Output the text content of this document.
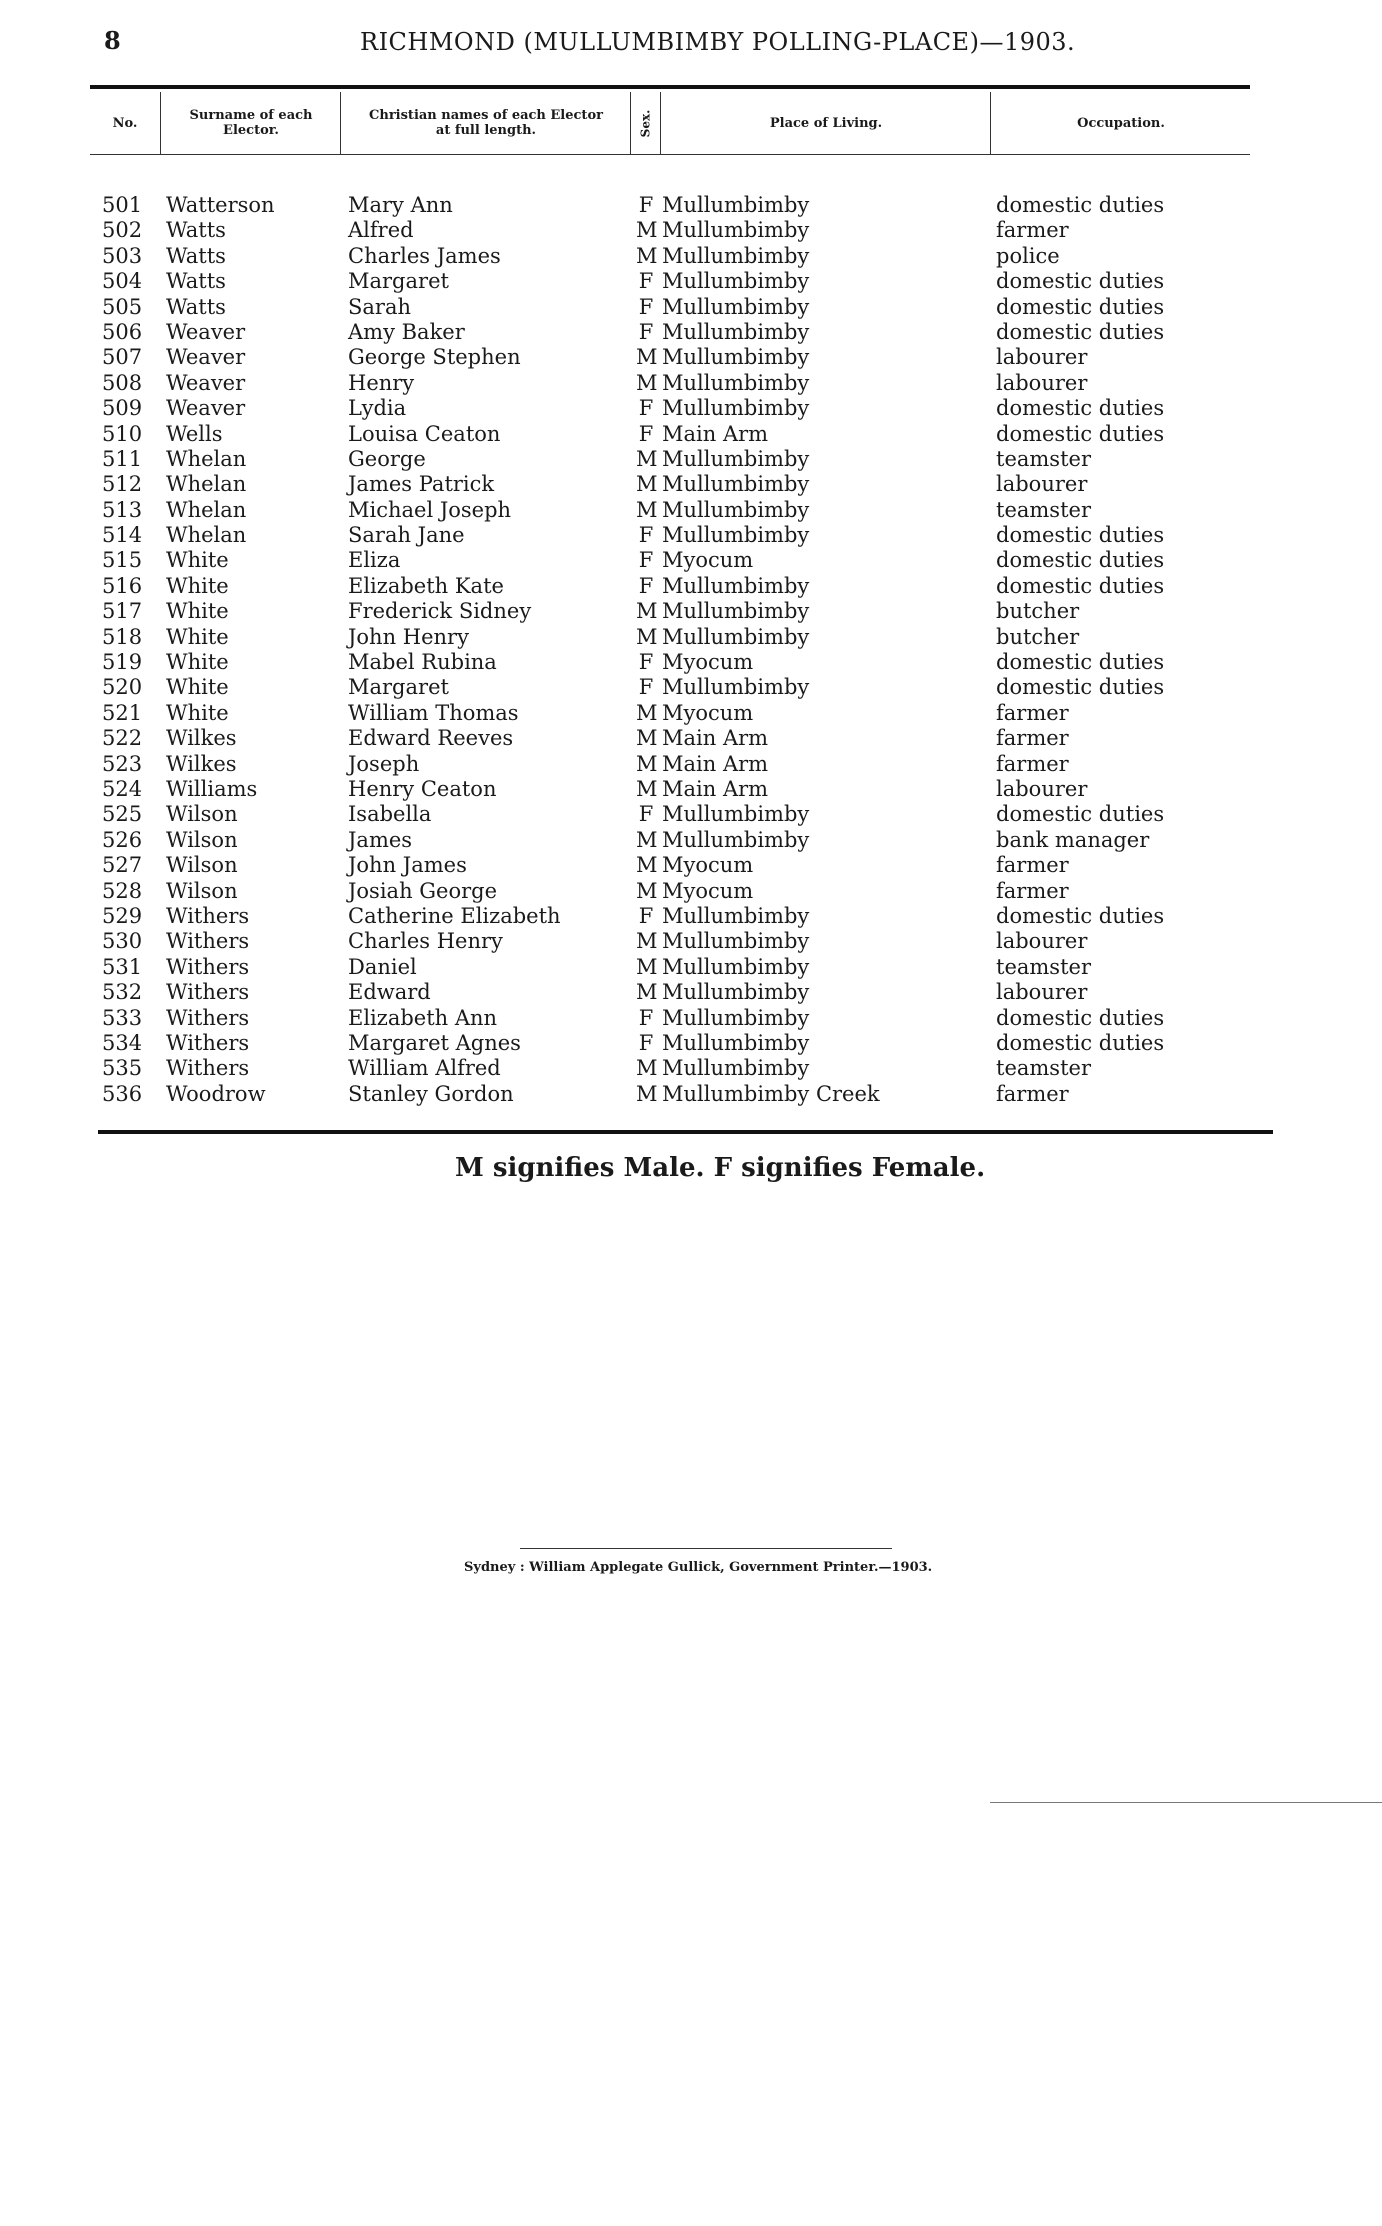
8	RICHMOND (MULLUMBIMBY POLLING-PLACE)—1903.
No.	Surname of each
Elector.
Christian names of each Elector
at full length.	Sex.	Place of Living.	Occupation.
501 Watterson	Mary Ann	F Mullumbimby	domestic duties
502 Watts	Alfred	M Mullumbimby	farmer
503 Watts	Charles James	M Mullumbimby	police
504 Watts	Margaret	F Mullumbimby	domestic duties
505 Watts	Sarah	F Mullumbimby	domestic duties
506 Weaver	Amy Baker	F Mullumbimby	domestic duties
507 Weaver	George Stephen	M Mullumbimby	labourer
508 Weaver	Henry	M Mullumbimby	labourer
509 Weaver	Lydia	F Mullumbimby	domestic duties
510 Wells	Louisa Ceaton	F Main Arm	domestic duties
511 Whelan	George	M Mullumbimby	teamster
512 Whelan	James Patrick	M Mullumbimby	labourer
513 Whelan	Michael Joseph	M Mullumbimby	teamster
514 Whelan	Sarah Jane	F Mullumbimby	domestic duties
515 White	Eliza	F Myocum	domestic duties
516 White	Elizabeth Kate	F Mullumbimby	domestic duties
517 White	Frederick Sidney	M Mullumbimby	butcher
518 White	John Henry	M Mullumbimby	butcher
519 White	Mabel Rubina	F Myocum	domestic duties
520 White	Margaret	F Mullumbimby	domestic duties
521 White	William Thomas	M Myocum	farmer
522 Wilkes	Edward Reeves	M Main Arm	farmer
523 Wilkes	Joseph	M Main Arm	farmer
524 Williams	Henry Ceaton	M Main Arm	labourer
525 Wilson	Isabella	F Mullumbimby	domestic duties
526 Wilson	James	M Mullumbimby	bank manager
527 Wilson	John James	M Myocum	farmer
528 Wilson	Josiah George	M Myocum	farmer
529 Withers	Catherine Elizabeth	F Mullumbimby	domestic duties
530 Withers	Charles Henry	M Mullumbimby	labourer
531 Withers	Daniel	M Mullumbimby	teamster
532 Withers	Edward	M Mullumbimby	labourer
533 Withers	Elizabeth Ann	F Mullumbimby	domestic duties
534 Withers	Margaret Agnes	F Mullumbimby	domestic duties
535 Withers	William Alfred	M Mullumbimby	teamster
536 Woodrow	Stanley Gordon	M Mullumbimby Creek	farmer
M signifies Male. F signifies Female.
Sydney : William Applegate Gullick, Government Printer.—1903.
